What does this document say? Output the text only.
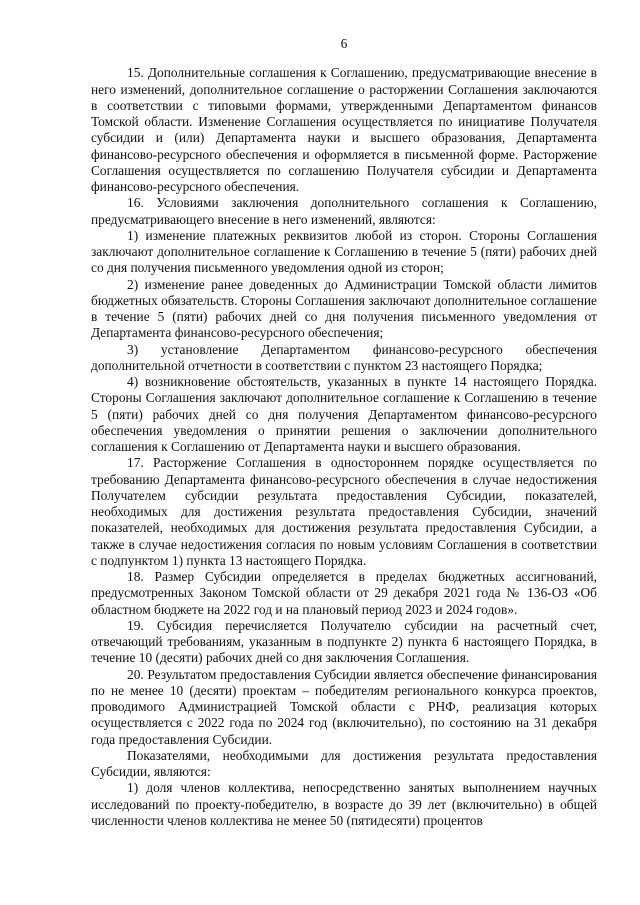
6

15. Дополнительные соглашения к Соглашению, предусматривающие внесение в него изменений, дополнительное соглашение о расторжении Соглашения заключаются в соответствии с типовыми формами, утвержденными Департаментом финансов Томской области. Изменение Соглашения осуществляется по инициативе Получателя субсидии и (или) Департамента науки и высшего образования, Департамента финансово-ресурсного обеспечения и оформляется в письменной форме. Расторжение Соглашения осуществляется по соглашению Получателя субсидии и Департамента финансово-ресурсного обеспечения.

16. Условиями заключения дополнительного соглашения к Соглашению, предусматривающего внесение в него изменений, являются:

1) изменение платежных реквизитов любой из сторон. Стороны Соглашения заключают дополнительное соглашение к Соглашению в течение 5 (пяти) рабочих дней со дня получения письменного уведомления одной из сторон;

2) изменение ранее доведенных до Администрации Томской области лимитов бюджетных обязательств. Стороны Соглашения заключают дополнительное соглашение в течение 5 (пяти) рабочих дней со дня получения письменного уведомления от Департамента финансово-ресурсного обеспечения;

3) установление Департаментом финансово-ресурсного обеспечения дополнительной отчетности в соответствии с пунктом 23 настоящего Порядка;

4) возникновение обстоятельств, указанных в пункте 14 настоящего Порядка. Стороны Соглашения заключают дополнительное соглашение к Соглашению в течение 5 (пяти) рабочих дней со дня получения Департаментом финансово-ресурсного обеспечения уведомления о принятии решения о заключении дополнительного соглашения к Соглашению от Департамента науки и высшего образования.

17. Расторжение Соглашения в одностороннем порядке осуществляется по требованию Департамента финансово-ресурсного обеспечения в случае недостижения Получателем субсидии результата предоставления Субсидии, показателей, необходимых для достижения результата предоставления Субсидии, значений показателей, необходимых для достижения результата предоставления Субсидии, а также в случае недостижения согласия по новым условиям Соглашения в соответствии с подпунктом 1) пункта 13 настоящего Порядка.

18. Размер Субсидии определяется в пределах бюджетных ассигнований, предусмотренных Законом Томской области от 29 декабря 2021 года № 136-ОЗ «Об областном бюджете на 2022 год и на плановый период 2023 и 2024 годов».

19. Субсидия перечисляется Получателю субсидии на расчетный счет, отвечающий требованиям, указанным в подпункте 2) пункта 6 настоящего Порядка, в течение 10 (десяти) рабочих дней со дня заключения Соглашения.

20. Результатом предоставления Субсидии является обеспечение финансирования по не менее 10 (десяти) проектам – победителям регионального конкурса проектов, проводимого Администрацией Томской области с РНФ, реализация которых осуществляется с 2022 года по 2024 год (включительно), по состоянию на 31 декабря года предоставления Субсидии.

Показателями, необходимыми для достижения результата предоставления Субсидии, являются:

1) доля членов коллектива, непосредственно занятых выполнением научных исследований по проекту-победителю, в возрасте до 39 лет (включительно) в общей численности членов коллектива не менее 50 (пятидесяти) процентов
